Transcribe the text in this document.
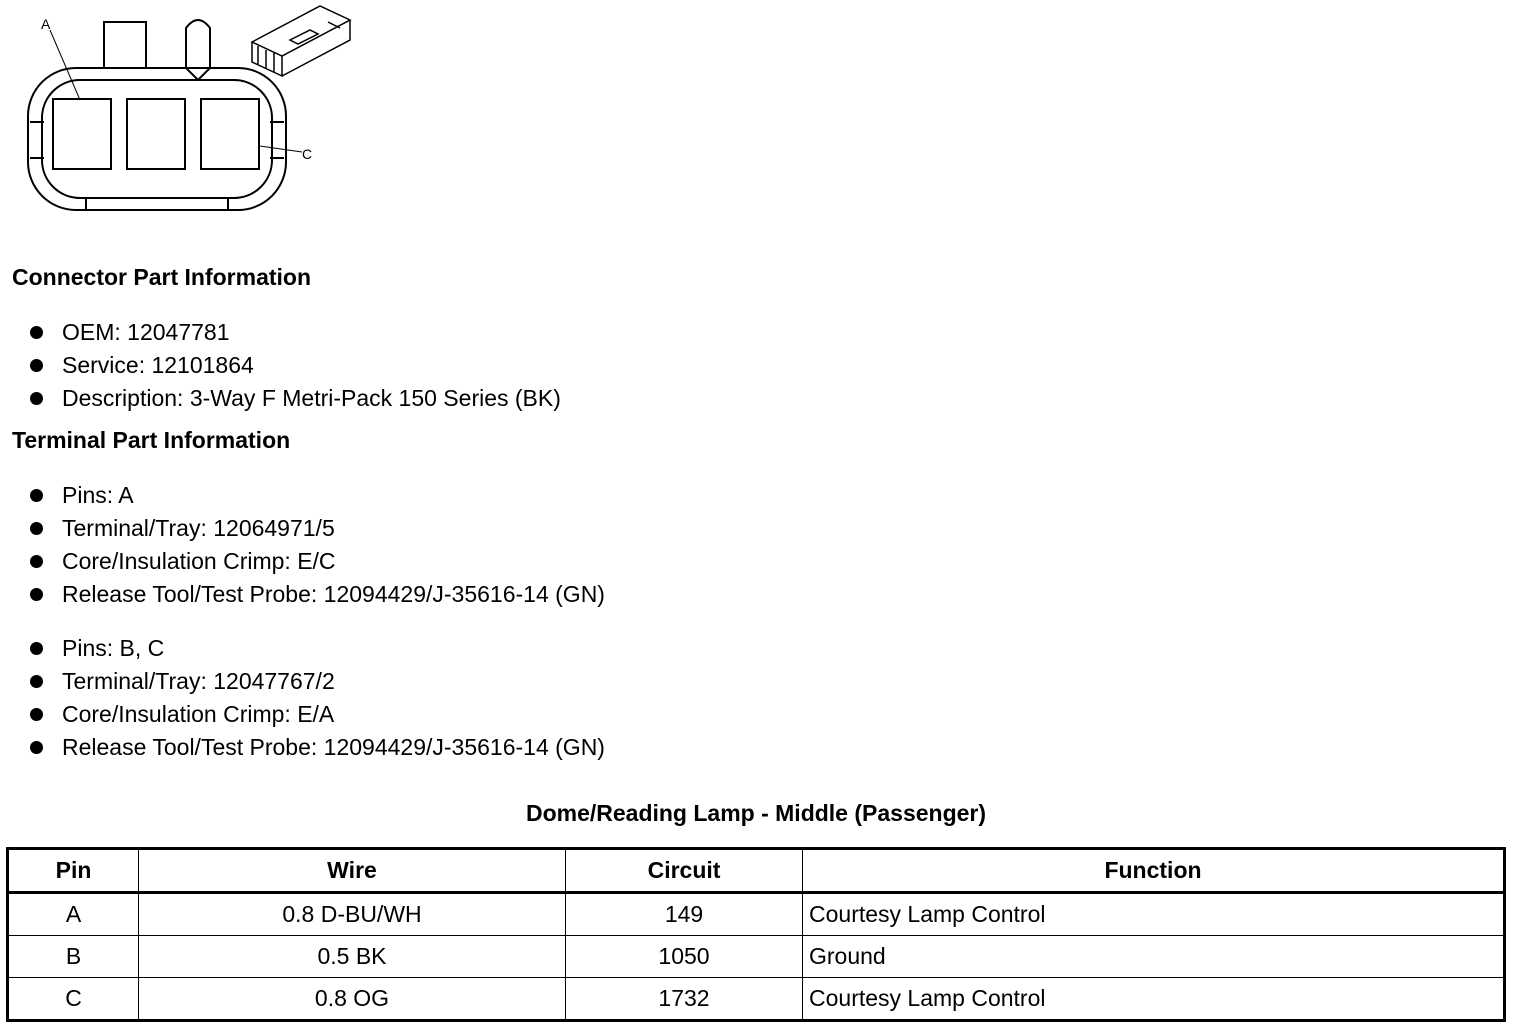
A
C
Connector Part Information
OEM: 12047781
Service: 12101864
Description: 3-Way F Metri-Pack 150 Series (BK)
Terminal Part Information
Pins: A
Terminal/Tray: 12064971/5
Core/Insulation Crimp: E/C
Release Tool/Test Probe: 12094429/J-35616-14 (GN)
Pins: B, C
Terminal/Tray: 12047767/2
Core/Insulation Crimp: E/A
Release Tool/Test Probe: 12094429/J-35616-14 (GN)
Dome/Reading Lamp - Middle (Passenger)
Pin	Wire	Circuit	Function
A	0.8 D-BU/WH	149	Courtesy Lamp Control
B	0.5 BK	1050	Ground
C	0.8 OG	1732	Courtesy Lamp Control
